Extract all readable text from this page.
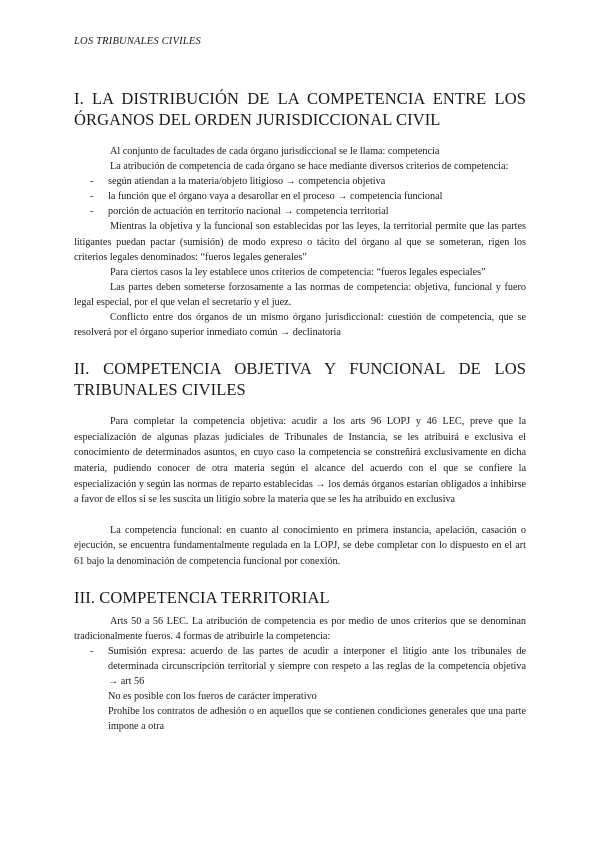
LOS TRIBUNALES CIVILES
I. LA DISTRIBUCIÓN DE LA COMPETENCIA ENTRE LOS ÓRGANOS DEL ORDEN JURISDICCIONAL CIVIL

Al conjunto de facultades de cada órgano jurisdiccional se le llama: competencia

La atribución de competencia de cada órgano se hace mediante diversos criterios de competencia:

- según atiendan a la materia/objeto litigioso → competencia objetiva
- la función que el órgano vaya a desarollar en el proceso → competencia funcional
- porción de actuación en territorio nacional → competencia territorial

Mientras la objetiva y la funcional son establecidas por las leyes, la territorial permite que las partes litigantes puedan pactar (sumisión) de modo expreso o tácito del órgano al que se someteran, rigen los criterios legales denominados: “fueros legales generales”

Para ciertos casos la ley establece unos criterios de competencia: “fueros legales especiales”

Las partes deben someterse forzosamente a las normas de competencia: objetiva, funcional y fuero legal especial, por el que velan el secretario y el juez.

Conflicto entre dos órganos de un mismo órgano jurisdiccional: cuestión de competencia, que se resolverá por el órgano superior inmediato común → declinatoria

II. COMPETENCIA OBJETIVA Y FUNCIONAL DE LOS TRIBUNALES CIVILES

Para completar la competencia objetiva: acudir a los arts 96 LOPJ y 46 LEC, preve que la especialización de algunas plazas judiciales de Tribunales de Instancia, se les atribuirá e exclusiva el conocimiento de determinados asuntos, en cuyo caso la competencia se constreñirá exclusivamente en dicha materia, pudiendo conocer de otra materia según el alcance del acuerdo con el que se confiere la especialización y según las normas de reparto establecidas → los demás órganos estarían obligados a inhibirse a favor de ellos si se les suscita un litigio sobre la materia que se les ha atribuido en exclusiva

La competencia funcional: en cuanto al conocimiento en primera instancia, apelación, casación o ejecución, se encuentra fundamentalmente regulada en la LOPJ, se debe completar con lo dispuesto en el art 61 bajo la denominación de competencia funcional por conexión.

III. COMPETENCIA TERRITORIAL

Arts 50 a 56 LEC. La atribución de competencia es por medio de unos criterios que se denominan tradicionalmente fueros. 4 formas de atribuirle la competencia:

- Sumisión expresa: acuerdo de las partes de acudir a interponer el litigio ante los tribunales de determinada circunscripción territorial y siempre con respeto a las reglas de la competencia objetiva → art 56

No es posible con los fueros de carácter imperativo

Prohibe los contratos de adhesión o en aquellos que se contienen condiciones generales que una parte impone a otra
